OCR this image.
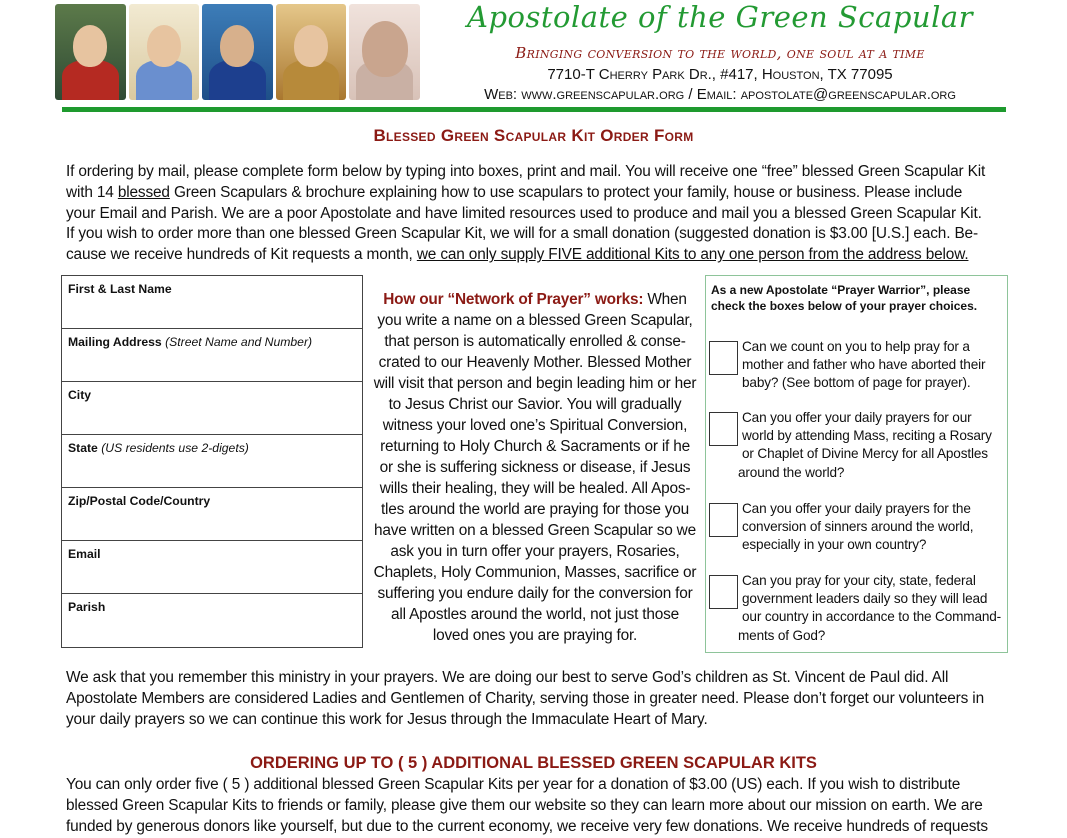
Apostolate of the Green Scapular
Bringing conversion to the world, one soul at a time
7710-T Cherry Park Dr., #417, Houston, TX 77095
Web: www.greenscapular.org / Email: apostolate@greenscapular.org
Blessed Green Scapular Kit Order Form
If ordering by mail, please complete form below by typing into boxes, print and mail. You will receive one “free” blessed Green Scapular Kit
with 14 blessed Green Scapulars & brochure explaining how to use scapulars to protect your family, house or business. Please include
your Email and Parish. We are a poor Apostolate and have limited resources used to produce and mail you a blessed Green Scapular Kit.
If you wish to order more than one blessed Green Scapular Kit, we will for a small donation (suggested donation is $3.00 [U.S.] each. Be-
cause we receive hundreds of Kit requests a month, we can only supply FIVE additional Kits to any one person from the address below.
First & Last Name
Mailing Address (Street Name and Number)
City
State (US residents use 2-digets)
Zip/Postal Code/Country
Email
Parish
How our “Network of Prayer” works: When
you write a name on a blessed Green Scapular,
that person is automatically enrolled & conse-
crated to our Heavenly Mother. Blessed Mother
will visit that person and begin leading him or her
to Jesus Christ our Savior. You will gradually
witness your loved one’s Spiritual Conversion,
returning to Holy Church & Sacraments or if he
or she is suffering sickness or disease, if Jesus
wills their healing, they will be healed. All Apos-
tles around the world are praying for those you
have written on a blessed Green Scapular so we
ask you in turn offer your prayers, Rosaries,
Chaplets, Holy Communion, Masses, sacrifice or
suffering you endure daily for the conversion for
all Apostles around the world, not just those
loved ones you are praying for.
As a new Apostolate “Prayer Warrior”, please check the boxes below of your prayer choices.
Can we count on you to help pray for a
mother and father who have aborted their
baby? (See bottom of page for prayer).
Can you offer your daily prayers for our
world by attending Mass, reciting a Rosary
or Chaplet of Divine Mercy for all Apostles
around the world?
Can you offer your daily prayers for the
conversion of sinners around the world,
especially in your own country?
Can you pray for your city, state, federal
government leaders daily so they will lead
our country in accordance to the Command-
ments of God?
We ask that you remember this ministry in your prayers. We are doing our best to serve God’s children as St. Vincent de Paul did. All
Apostolate Members are considered Ladies and Gentlemen of Charity, serving those in greater need. Please don’t forget our volunteers in
your daily prayers so we can continue this work for Jesus through the Immaculate Heart of Mary.
ORDERING UP TO ( 5 ) ADDITIONAL BLESSED GREEN SCAPULAR KITS
You can only order five ( 5 ) additional blessed Green Scapular Kits per year for a donation of $3.00 (US) each. If you wish to distribute
blessed Green Scapular Kits to friends or family, please give them our website so they can learn more about our mission on earth. We are
funded by generous donors like yourself, but due to the current economy, we receive very few donations. We receive hundreds of requests
